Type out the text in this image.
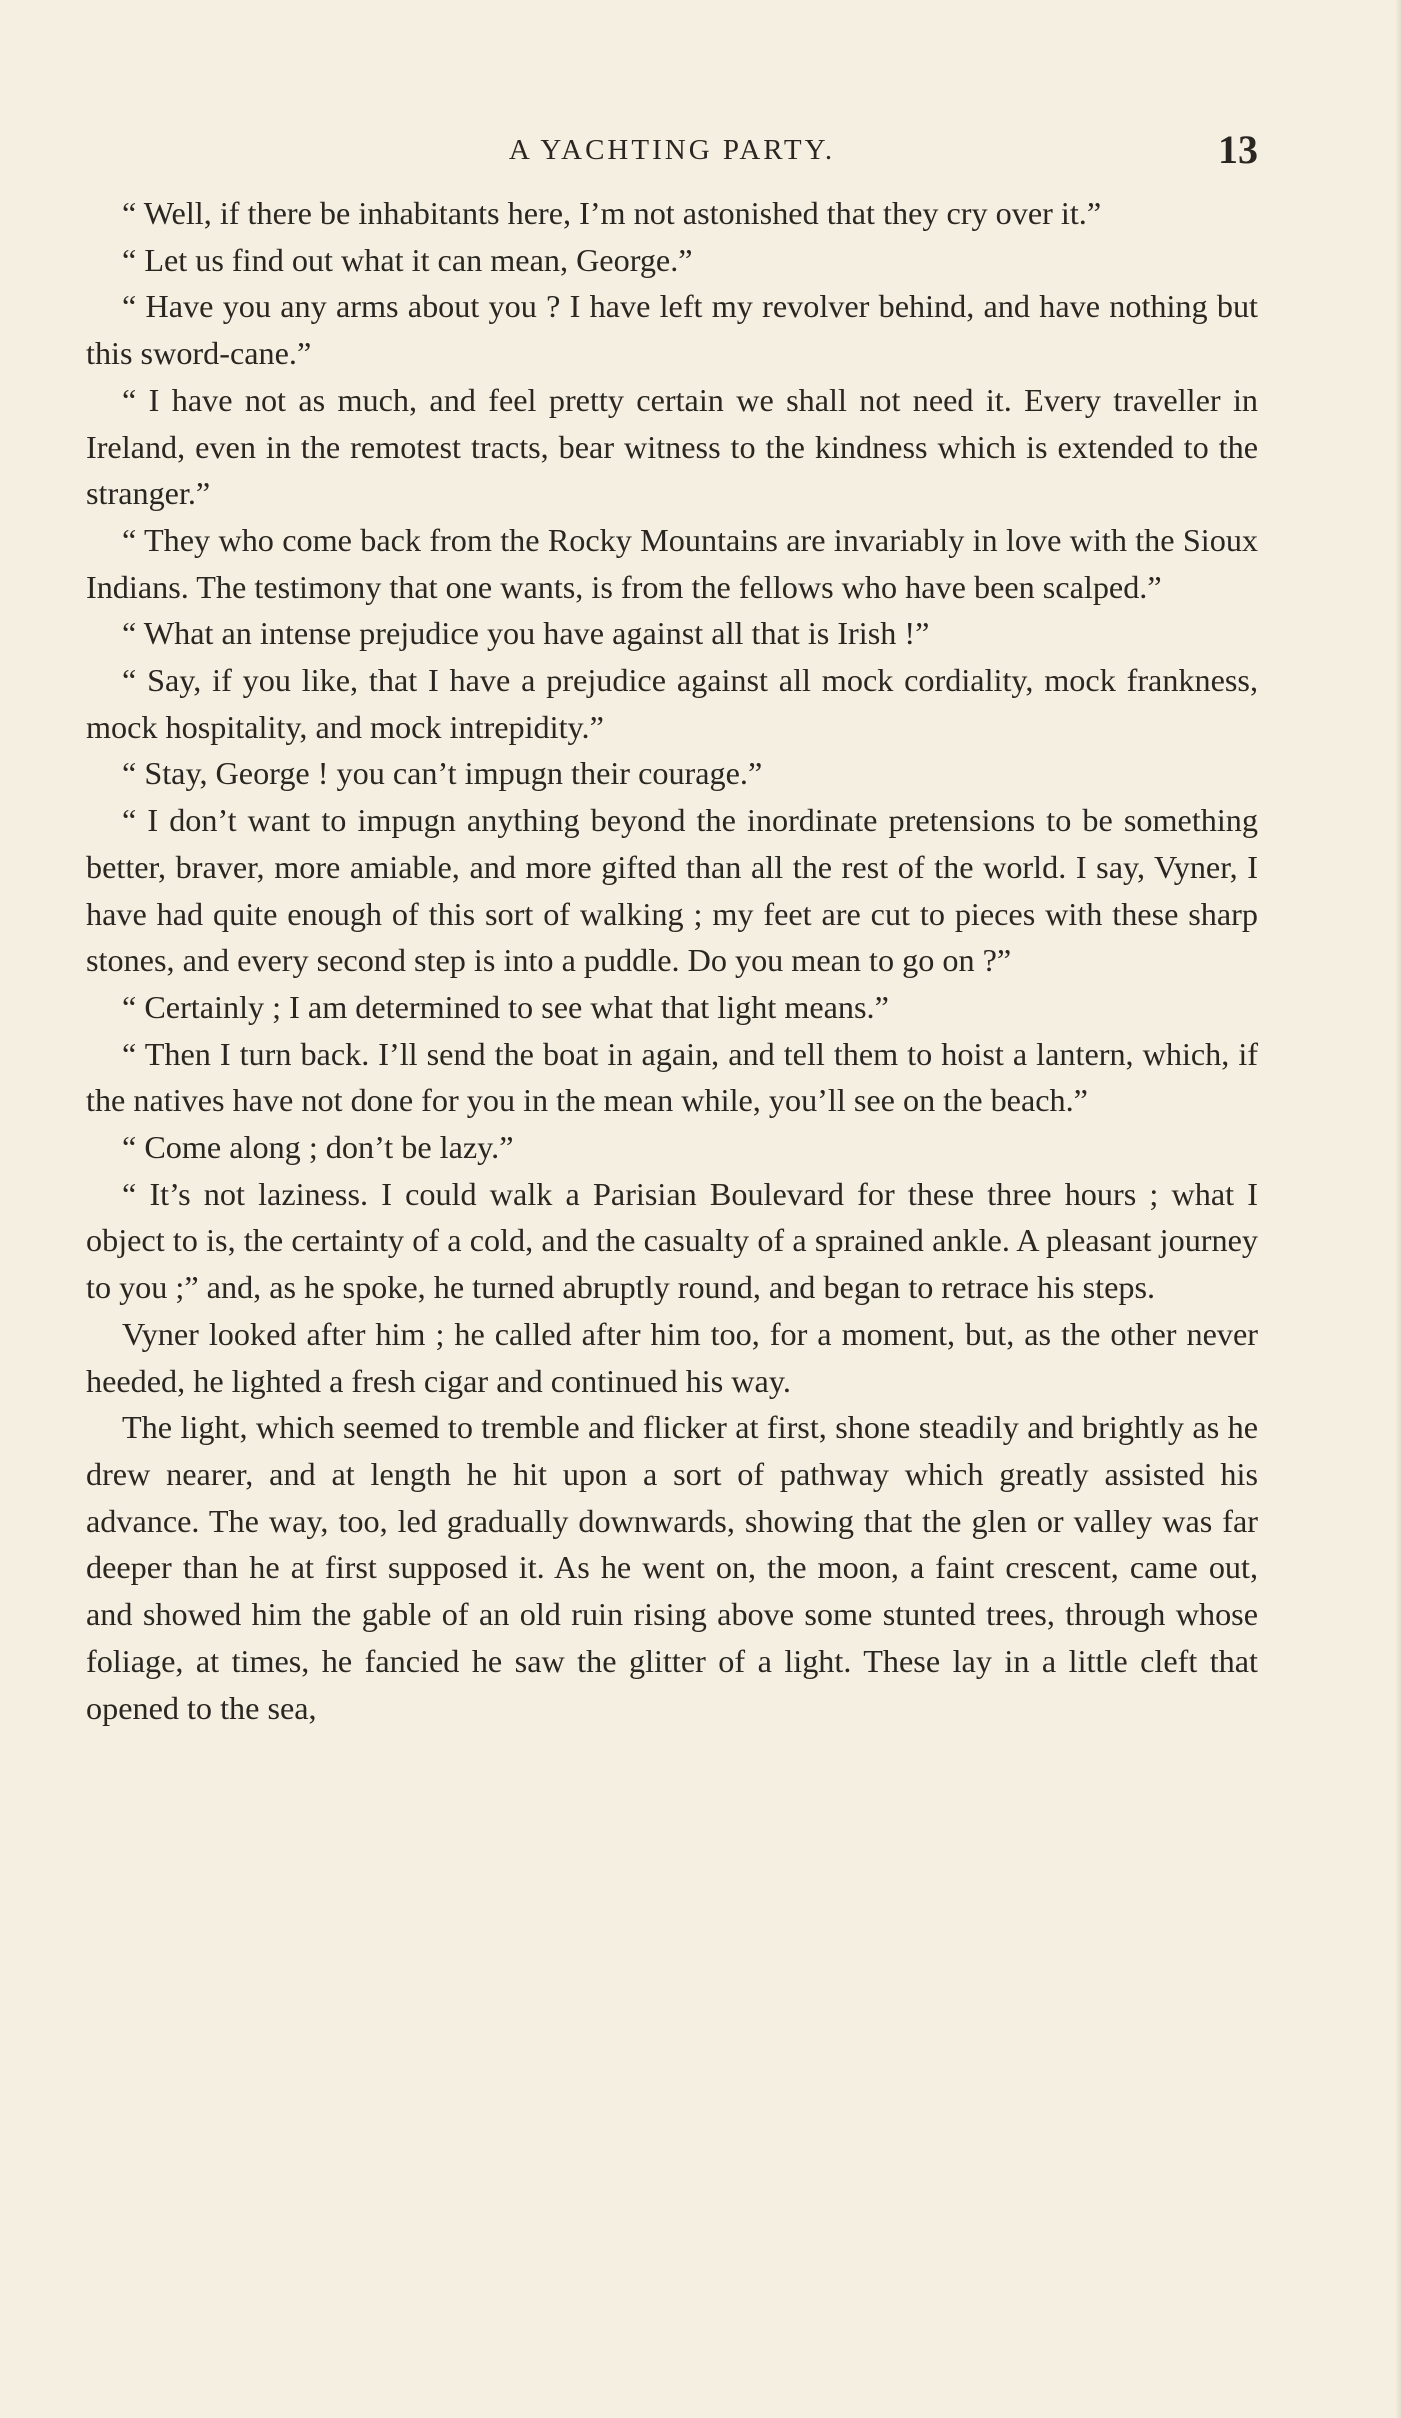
A YACHTING PARTY.	13

“ Well, if there be inhabitants here, I’m not astonished that they cry over it.”

“ Let us find out what it can mean, George.”

“ Have you any arms about you ? I have left my revolver behind, and have nothing but this sword-cane.”

“ I have not as much, and feel pretty certain we shall not need it. Every traveller in Ireland, even in the remotest tracts, bear witness to the kindness which is extended to the stranger.”

“ They who come back from the Rocky Mountains are invariably in love with the Sioux Indians. The testimony that one wants, is from the fellows who have been scalped.”

“ What an intense prejudice you have against all that is Irish !”

“ Say, if you like, that I have a prejudice against all mock cordiality, mock frankness, mock hospitality, and mock intrepidity.”

“ Stay, George ! you can’t impugn their courage.”

“ I don’t want to impugn anything beyond the inordinate pretensions to be something better, braver, more amiable, and more gifted than all the rest of the world. I say, Vyner, I have had quite enough of this sort of walking ; my feet are cut to pieces with these sharp stones, and every second step is into a puddle. Do you mean to go on ?”

“ Certainly ; I am determined to see what that light means.”

“ Then I turn back. I’ll send the boat in again, and tell them to hoist a lantern, which, if the natives have not done for you in the mean while, you’ll see on the beach.”

“ Come along ; don’t be lazy.”

“ It’s not laziness. I could walk a Parisian Boulevard for these three hours ; what I object to is, the certainty of a cold, and the casualty of a sprained ankle. A pleasant journey to you ;” and, as he spoke, he turned abruptly round, and began to retrace his steps.

Vyner looked after him ; he called after him too, for a moment, but, as the other never heeded, he lighted a fresh cigar and continued his way.

The light, which seemed to tremble and flicker at first, shone steadily and brightly as he drew nearer, and at length he hit upon a sort of pathway which greatly assisted his advance. The way, too, led gradually downwards, showing that the glen or valley was far deeper than he at first supposed it. As he went on, the moon, a faint crescent, came out, and showed him the gable of an old ruin rising above some stunted trees, through whose foliage, at times, he fancied he saw the glitter of a light. These lay in a little cleft that opened to the sea,
